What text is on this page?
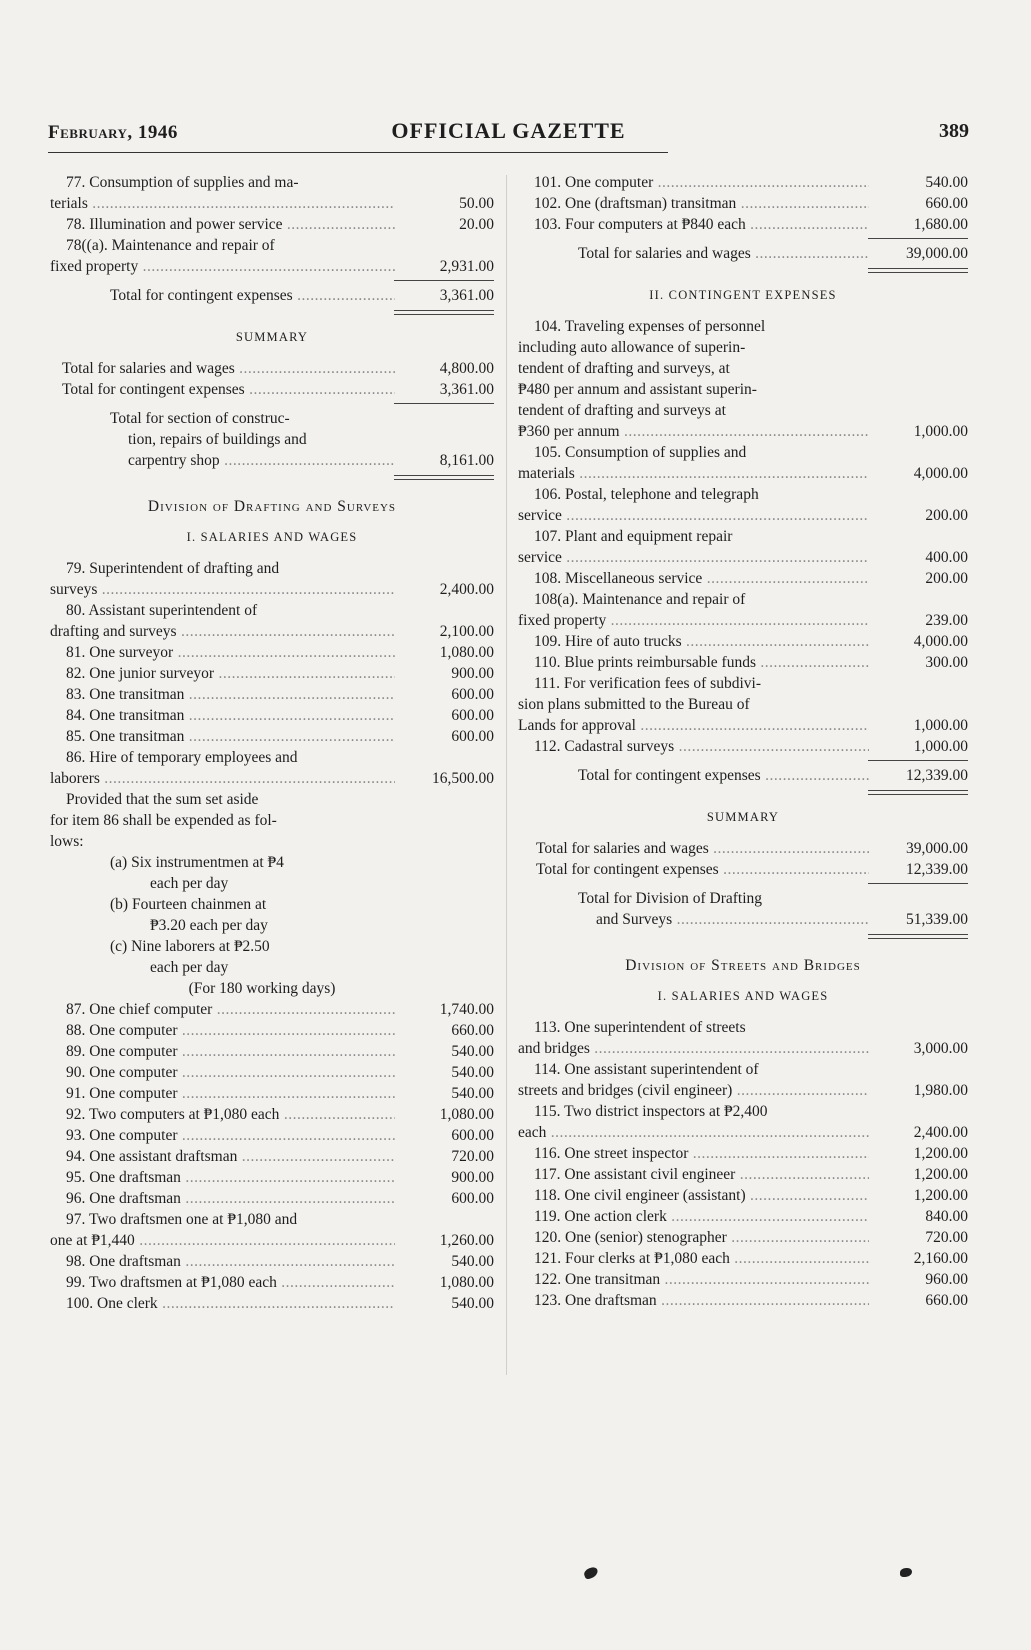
February, 1946	OFFICIAL GAZETTE	389
77. Consumption of supplies and ma-
terials .....	50.00
78. Illumination and power service .....	20.00
78((a). Maintenance and repair of
fixed property .....	2,931.00
Total for contingent expenses .....	3,361.00
SUMMARY
Total for salaries and wages .....	4,800.00
Total for contingent expenses .....	3,361.00
Total for section of construc-
tion, repairs of buildings and
carpentry shop .....	8,161.00
Division of Drafting and Surveys
I. SALARIES AND WAGES
79. Superintendent of drafting and
surveys .....	2,400.00
80. Assistant superintendent of
drafting and surveys .....	2,100.00
81. One surveyor .....	1,080.00
82. One junior surveyor .....	900.00
83. One transitman .....	600.00
84. One transitman .....	600.00
85. One transitman .....	600.00
86. Hire of temporary employees and
laborers .....	16,500.00
Provided that the sum set aside
for item 86 shall be expended as fol-
lows:
(a) Six instrumentmen at ₱4
each per day
(b) Fourteen chainmen at
₱3.20 each per day
(c) Nine laborers at ₱2.50
each per day
(For 180 working days)
87. One chief computer .....	1,740.00
88. One computer .....	660.00
89. One computer .....	540.00
90. One computer .....	540.00
91. One computer .....	540.00
92. Two computers at ₱1,080 each .....	1,080.00
93. One computer .....	600.00
94. One assistant draftsman .....	720.00
95. One draftsman .....	900.00
96. One draftsman .....	600.00
97. Two draftsmen one at ₱1,080 and
one at ₱1,440 .....	1,260.00
98. One draftsman .....	540.00
99. Two draftsmen at ₱1,080 each .....	1,080.00
100. One clerk .....	540.00
101. One computer .....	540.00
102. One (draftsman) transitman .....	660.00
103. Four computers at ₱840 each .....	1,680.00
Total for salaries and wages .....	39,000.00
II. CONTINGENT EXPENSES
104. Traveling expenses of personnel
including auto allowance of superin-
tendent of drafting and surveys, at
₱480 per annum and assistant superin-
tendent of drafting and surveys at
₱360 per annum .....	1,000.00
105. Consumption of supplies and
materials .....	4,000.00
106. Postal, telephone and telegraph
service .....	200.00
107. Plant and equipment repair
service .....	400.00
108. Miscellaneous service .....	200.00
108(a). Maintenance and repair of
fixed property .....	239.00
109. Hire of auto trucks .....	4,000.00
110. Blue prints reimbursable funds .....	300.00
111. For verification fees of subdivi-
sion plans submitted to the Bureau of
Lands for approval .....	1,000.00
112. Cadastral surveys .....	1,000.00
Total for contingent expenses .....	12,339.00
SUMMARY
Total for salaries and wages .....	39,000.00
Total for contingent expenses .....	12,339.00
Total for Division of Drafting
and Surveys .....	51,339.00
Division of Streets and Bridges
I. SALARIES AND WAGES
113. One superintendent of streets
and bridges .....	3,000.00
114. One assistant superintendent of
streets and bridges (civil engineer) .....	1,980.00
115. Two district inspectors at ₱2,400
each .....	2,400.00
116. One street inspector .....	1,200.00
117. One assistant civil engineer .....	1,200.00
118. One civil engineer (assistant) .....	1,200.00
119. One action clerk .....	840.00
120. One (senior) stenographer .....	720.00
121. Four clerks at ₱1,080 each .....	2,160.00
122. One transitman .....	960.00
123. One draftsman .....	660.00
